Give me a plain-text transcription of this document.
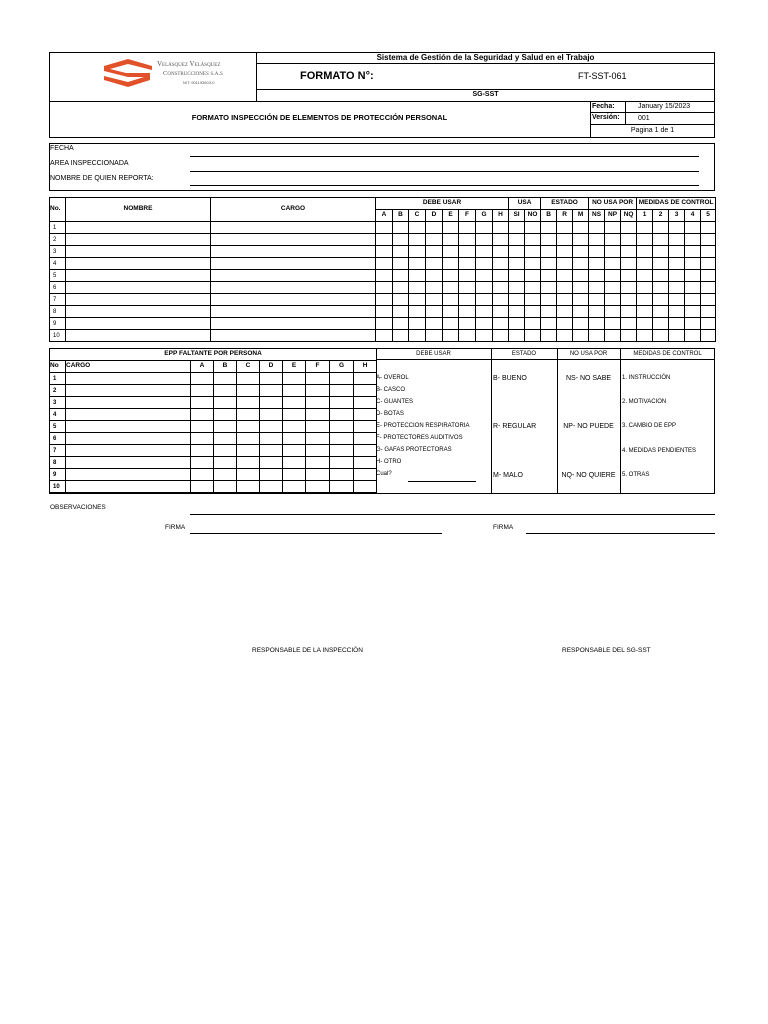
Velásquez Velásquez
Construcciones s.a.s
NIT: 901193603-0
Sistema de Gestión de la Seguridad y Salud en el Trabajo
FORMATO N°:	FT-SST-061
SG-SST
FORMATO INSPECCIÓN DE ELEMENTOS DE PROTECCIÓN PERSONAL
Fecha:	January 15/2023
Versión:	001
Pagina 1 de 1
FECHA
AREA INSPECCIONADA
NOMBRE DE QUIEN REPORTA:
No.	NOMBRE	CARGO	DEBE USAR								USA		ESTADO			NO USA POR			MEDIDAS DE CONTROL				
			A	B	C	D	E	F	G	H	SI	NO	B	R	M	NS	NP	NQ	1	2	3	4	5
1																							
2																							
3																							
4																							
5																							
6																							
7																							
8																							
9																							
10																							
EPP FALTANTE POR PERSONA									
No	CARGO	A	B	C	D	E	F	G	H
1									
2									
3									
4									
5									
6									
7									
8									
9									
10									
DEBE USAR	ESTADO	NO USA POR	MEDIDAS DE CONTROL
A- OVEROL
B- CASCO
C- GUANTES
D- BOTAS
E- PROTECCION RESPIRATORIA
F- PROTECTORES AUDITIVOS
G- GAFAS PROTECTORAS
H- OTRO
Cual?
B- BUENO
R- REGULAR
M- MALO
NS- NO SABE
NP- NO PUEDE
NQ- NO QUIERE
1. INSTRUCCIÓN
2. MOTIVACION
3. CAMBIO DE EPP
4. MEDIDAS PENDIENTES
5. OTRAS
OBSERVACIONES
FIRMA	FIRMA
RESPONSABLE DE LA INSPECCIÓN	RESPONSABLE DEL SG-SST
